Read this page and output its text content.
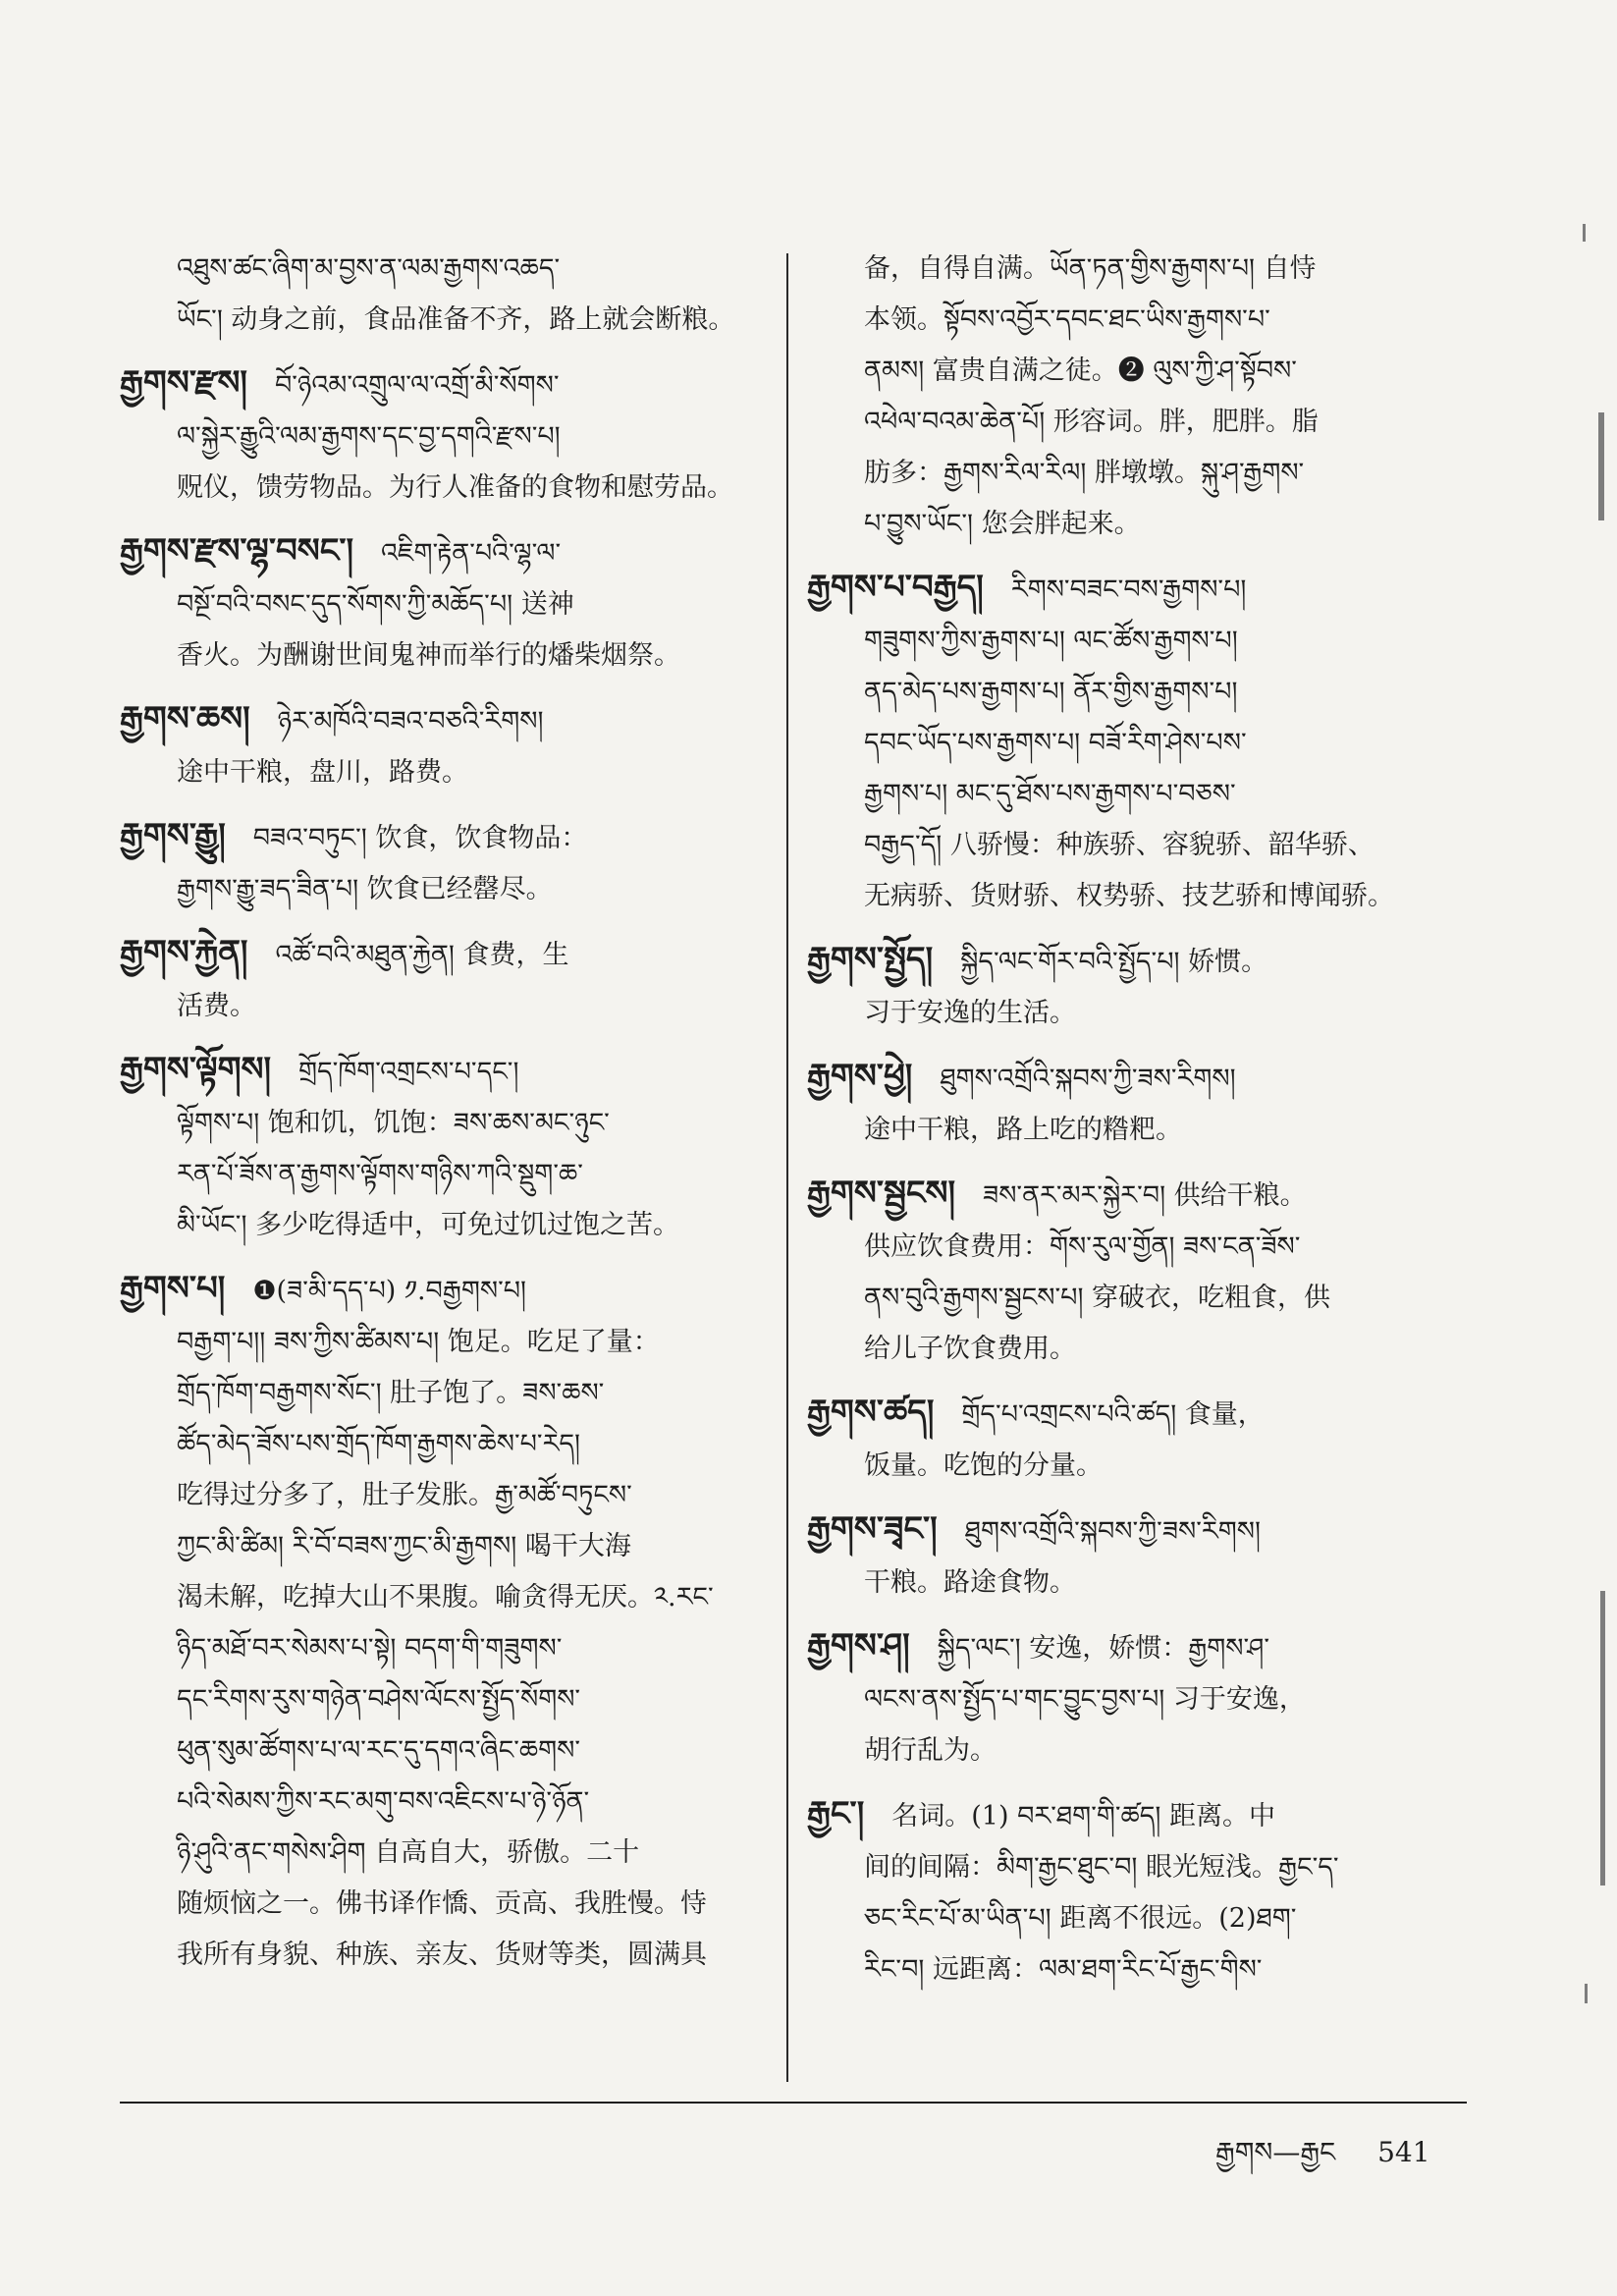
འཐུས་ཚང་ཞིག་མ་བྱས་ན་ལམ་རྒྱགས་འཆད་
ཡོང་། 动身之前，食品准备不齐，路上就会断粮。
རྒྱགས་རྫས། བོ་ཉེའམ་འགྲུལ་ལ་འགྲོ་མི་སོགས་
ལ་སྐྱེར་རྒྱུའི་ལམ་རྒྱགས་དང་བྱ་དགའི་རྫས་པ།
贶仪，馈劳物品。为行人准备的食物和慰劳品。
རྒྱགས་རྫས་ལྷ་བསང་། འཇིག་རྟེན་པའི་ལྷ་ལ་
བསྔོ་བའི་བསང་དུད་སོགས་ཀྱི་མཆོད་པ། 送神
香火。为酬谢世间鬼神而举行的燔柴烟祭。
རྒྱགས་ཆས། ཉེར་མཁོའི་བཟའ་བཅའི་རིགས།
途中干粮，盘川，路费。
རྒྱགས་རྒྱུ། བཟའ་བཏུང་། 饮食，饮食物品：
རྒྱགས་རྒྱུ་ཟད་ཟིན་པ། 饮食已经罄尽。
རྒྱགས་རྐྱེན། འཚོ་བའི་མཐུན་རྐྱེན། 食费，生
活费。
རྒྱགས་ལྟོགས། གྲོད་ཁོག་འགྲངས་པ་དང་།
ལྟོགས་པ། 饱和饥，饥饱：ཟས་ཆས་མང་ཉུང་
རན་པོ་ཟོས་ན་རྒྱགས་ལྟོགས་གཉིས་ཀའི་སྡུག་ཆ་
མི་ཡོང་། 多少吃得适中，可免过饥过饱之苦。
རྒྱགས་པ། ❶(ཟ་མི་དད་པ) ༡.བརྒྱགས་པ།
བརྒྱག་པ།། ཟས་ཀྱིས་ཚིམས་པ། 饱足。吃足了量：
གྲོད་ཁོག་བརྒྱགས་སོང་། 肚子饱了。ཟས་ཆས་
ཚོད་མེད་ཟོས་པས་གྲོད་ཁོག་རྒྱགས་ཆེས་པ་རེད།
吃得过分多了，肚子发胀。རྒྱ་མཚོ་བཏུངས་
ཀྱང་མི་ཚིམ། རི་བོ་བཟས་ཀྱང་མི་རྒྱགས། 喝干大海
渴未解，吃掉大山不果腹。喻贪得无厌。༢.རང་
ཉིད་མཐོ་བར་སེམས་པ་སྟེ། བདག་གི་གཟུགས་
དང་རིགས་རུས་གཉེན་བཤེས་ལོངས་སྤྱོད་སོགས་
ཕུན་སུམ་ཚོགས་པ་ལ་རང་དུ་དགའ་ཞིང་ཆགས་
པའི་སེམས་ཀྱིས་རང་མགུ་བས་འཇིངས་པ་ཉེ་ཉོན་
ཉི་ཤུའི་ནང་གསེས་ཤིག 自高自大，骄傲。二十
随烦恼之一。佛书译作憍、贡高、我胜慢。恃
我所有身貌、种族、亲友、货财等类，圆满具
备，自得自满。ཡོན་ཏན་གྱིས་རྒྱགས་པ། 自恃
本领。སྟོབས་འབྱོར་དབང་ཐང་ཡིས་རྒྱགས་པ་
ནམས། 富贵自满之徒。❷ ལུས་ཀྱི་ཤ་སྟོབས་
འཕེལ་བའམ་ཆེན་པོ། 形容词。胖，肥胖。脂
肪多：རྒྱགས་རིལ་རིལ། 胖墩墩。སྐུ་ཤ་རྒྱགས་
པ་བྱུས་ཡོང་། 您会胖起来。
རྒྱགས་པ་བརྒྱད། རིགས་བཟང་བས་རྒྱགས་པ།
གཟུགས་ཀྱིས་རྒྱགས་པ། ལང་ཚོས་རྒྱགས་པ།
ནད་མེད་པས་རྒྱགས་པ། ནོར་གྱིས་རྒྱགས་པ།
དབང་ཡོད་པས་རྒྱགས་པ། བཟོ་རིག་ཤེས་པས་
རྒྱགས་པ། མང་དུ་ཐོས་པས་རྒྱགས་པ་བཅས་
བརྒྱད་དོ། 八骄慢：种族骄、容貌骄、韶华骄、
无病骄、货财骄、权势骄、技艺骄和博闻骄。
རྒྱགས་སྤྱོད། སྐྱིད་ལང་གོར་བའི་སྤྱོད་པ། 娇惯。
习于安逸的生活。
རྒྱགས་ཕྱེ། ཐུགས་འགྲོའི་སྐབས་ཀྱི་ཟས་རིགས།
途中干粮，路上吃的糌粑。
རྒྱགས་སྦྱངས། ཟས་ནར་མར་སྐྱེར་བ། 供给干粮。
供应饮食费用：གོས་རུལ་གྱོན། ཟས་ངན་ཟོས་
ནས་བུའི་རྒྱགས་སྦྱངས་པ། 穿破衣，吃粗食，供
给儿子饮食费用。
རྒྱགས་ཚད། གྲོད་པ་འགྲངས་པའི་ཚད། 食量，
饭量。吃饱的分量。
རྒྱགས་ཟྭང་། ཐུགས་འགྲོའི་སྐབས་ཀྱི་ཟས་རིགས།
干粮。路途食物。
རྒྱགས་ཤ། སྐྱིད་ལང་། 安逸，娇惯：རྒྱགས་ཤ་
ལངས་ནས་སྤྱོད་པ་གང་བྱུང་བྱས་པ། 习于安逸，
胡行乱为。
རྒྱང་། 名词。(1) བར་ཐག་གི་ཚད། 距离。中
间的间隔：མིག་རྒྱང་ཐུང་བ། 眼光短浅。རྒྱང་ད་
ཅང་རིང་པོ་མ་ཡིན་པ། 距离不很远。(2)ཐག་
རིང་བ། 远距离：ལམ་ཐག་རིང་པོ་རྒྱང་གིས་
རྒྱགས—རྒྱང 541
